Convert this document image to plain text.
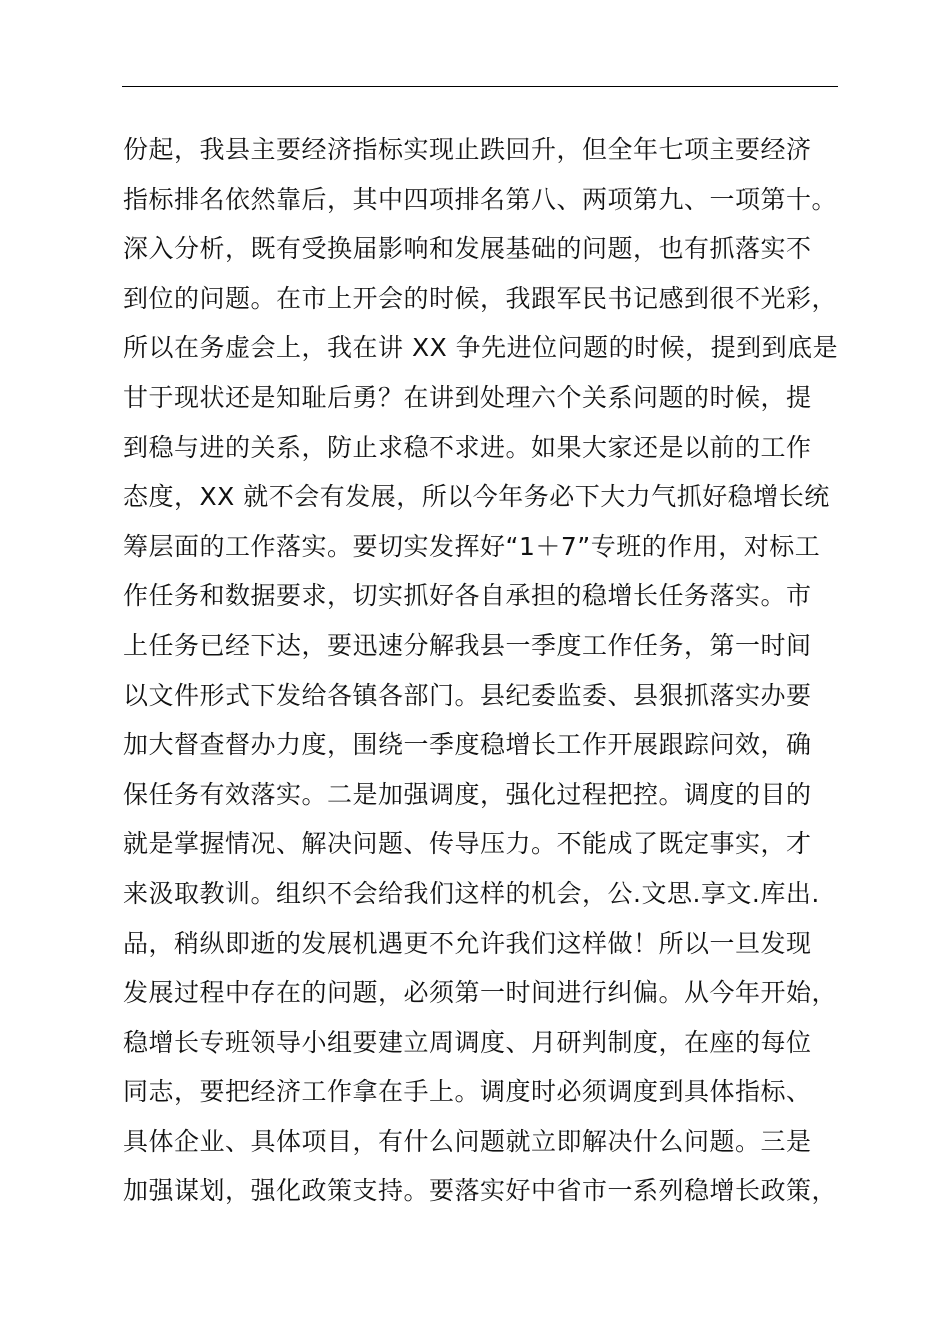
份起，我县主要经济指标实现止跌回升，但全年七项主要经济
指标排名依然靠后，其中四项排名第八、两项第九、一项第十。
深入分析，既有受换届影响和发展基础的问题，也有抓落实不
到位的问题。在市上开会的时候，我跟军民书记感到很不光彩，
所以在务虚会上，我在讲 XX 争先进位问题的时候，提到到底是
甘于现状还是知耻后勇？在讲到处理六个关系问题的时候，提
到稳与进的关系，防止求稳不求进。如果大家还是以前的工作
态度，XX 就不会有发展，所以今年务必下大力气抓好稳增长统
筹层面的工作落实。要切实发挥好“1＋7”专班的作用，对标工
作任务和数据要求，切实抓好各自承担的稳增长任务落实。市
上任务已经下达，要迅速分解我县一季度工作任务，第一时间
以文件形式下发给各镇各部门。县纪委监委、县狠抓落实办要
加大督查督办力度，围绕一季度稳增长工作开展跟踪问效，确
保任务有效落实。二是加强调度，强化过程把控。调度的目的
就是掌握情况、解决问题、传导压力。不能成了既定事实，才
来汲取教训。组织不会给我们这样的机会，公.文思.享文.库出.
品，稍纵即逝的发展机遇更不允许我们这样做！所以一旦发现
发展过程中存在的问题，必须第一时间进行纠偏。从今年开始，
稳增长专班领导小组要建立周调度、月研判制度，在座的每位
同志，要把经济工作拿在手上。调度时必须调度到具体指标、
具体企业、具体项目，有什么问题就立即解决什么问题。三是
加强谋划，强化政策支持。要落实好中省市一系列稳增长政策，
